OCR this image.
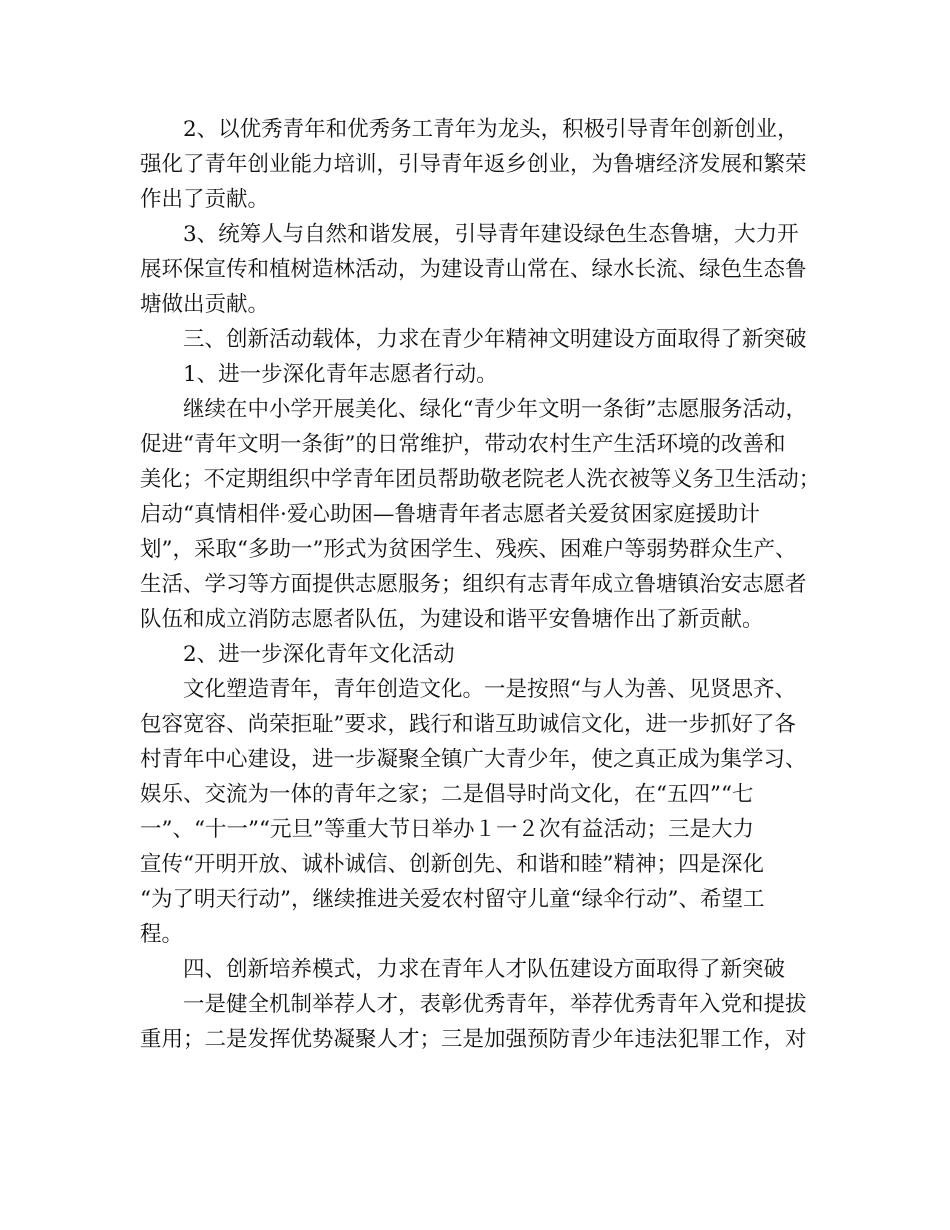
2、以优秀青年和优秀务工青年为龙头，积极引导青年创新创业，
强化了青年创业能力培训，引导青年返乡创业，为鲁塘经济发展和繁荣
作出了贡献。
3、统筹人与自然和谐发展，引导青年建设绿色生态鲁塘，大力开
展环保宣传和植树造林活动，为建设青山常在、绿水长流、绿色生态鲁
塘做出贡献。
三、创新活动载体，力求在青少年精神文明建设方面取得了新突破
1、进一步深化青年志愿者行动。
继续在中小学开展美化、绿化“青少年文明一条街”志愿服务活动，
促进“青年文明一条街”的日常维护，带动农村生产生活环境的改善和
美化；不定期组织中学青年团员帮助敬老院老人洗衣被等义务卫生活动；
启动“真情相伴·爱心助困—鲁塘青年者志愿者关爱贫困家庭援助计
划”，采取“多助一”形式为贫困学生、残疾、困难户等弱势群众生产、
生活、学习等方面提供志愿服务；组织有志青年成立鲁塘镇治安志愿者
队伍和成立消防志愿者队伍，为建设和谐平安鲁塘作出了新贡献。
2、进一步深化青年文化活动
文化塑造青年，青年创造文化。一是按照“与人为善、见贤思齐、
包容宽容、尚荣拒耻”要求，践行和谐互助诚信文化，进一步抓好了各
村青年中心建设，进一步凝聚全镇广大青少年，使之真正成为集学习、
娱乐、交流为一体的青年之家；二是倡导时尚文化，在“五四”“七
一”、“十一”“元旦”等重大节日举办１一２次有益活动；三是大力
宣传“开明开放、诚朴诚信、创新创先、和谐和睦”精神；四是深化
“为了明天行动”，继续推进关爱农村留守儿童“绿伞行动”、希望工
程。
四、创新培养模式，力求在青年人才队伍建设方面取得了新突破
一是健全机制举荐人才，表彰优秀青年，举荐优秀青年入党和提拔
重用；二是发挥优势凝聚人才；三是加强预防青少年违法犯罪工作，对
